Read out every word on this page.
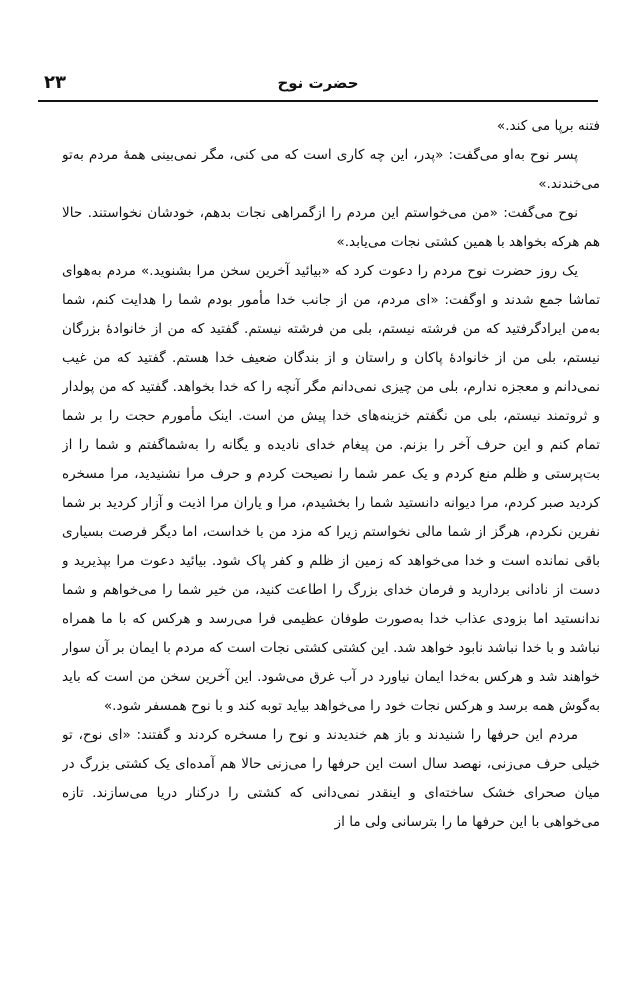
۲۳	حضرت نوح

فتنه برپا می کند.»

پسر نوح به‌او می‌گفت: «پدر، این چه کاری است که می کنی، مگر نمی‌بینی همهٔ مردم به‌تو می‌خندند.»

نوح می‌گفت: «من می‌خواستم این مردم را ازگمراهی نجات بدهم، خودشان نخواستند. حالا هم هرکه بخواهد با همین کشتی نجات می‌یابد.»

یک روز حضرت نوح مردم را دعوت کرد که «بیائید آخرین سخن مرا بشنوید.» مردم به‌هوای تماشا جمع شدند و اوگفت: «ای مردم، من از جانب خدا مأمور بودم شما را هدایت کنم، شما به‌من ایرادگرفتید که من فرشته نیستم، بلی من فرشته نیستم. گفتید که من از خانوادهٔ بزرگان نیستم، بلی من از خانوادهٔ پاکان و راستان و از بندگان ضعیف خدا هستم. گفتید که من غیب نمی‌دانم و معجزه ندارم، بلی من چیزی نمی‌دانم مگر آنچه را که خدا بخواهد. گفتید که من پولدار و ثروتمند نیستم، بلی من نگفتم خزینه‌های خدا پیش من است. اینک مأمورم حجت را بر شما تمام کنم و این حرف آخر را بزنم. من پیغام خدای نادیده و یگانه را به‌شماگفتم و شما را از بت‌پرستی و ظلم منع کردم و یک عمر شما را نصیحت کردم و حرف مرا نشنیدید، مرا مسخره کردید صبر کردم، مرا دیوانه دانستید شما را بخشیدم، مرا و یاران مرا اذیت و آزار کردید بر شما نفرین نکردم، هرگز از شما مالی نخواستم زیرا که مزد من با خداست، اما دیگر فرصت بسیاری باقی نمانده است و خدا می‌خواهد که زمین از ظلم و کفر پاک شود. بیائید دعوت مرا بپذیرید و دست از نادانی بردارید و فرمان خدای بزرگ را اطاعت کنید، من خیر شما را می‌خواهم و شما ندانستید اما بزودی عذاب خدا به‌صورت طوفان عظیمی فرا می‌رسد و هرکس که با ما همراه نباشد و با خدا نباشد نابود خواهد شد. این کشتی کشتی نجات است که مردم با ایمان بر آن سوار خواهند شد و هرکس به‌خدا ایمان نیاورد در آب غرق می‌شود. این آخرین سخن من است که باید به‌گوش همه برسد و هرکس نجات خود را می‌خواهد بیاید توبه کند و با نوح همسفر شود.»

مردم این حرفها را شنیدند و باز هم خندیدند و نوح را مسخره کردند و گفتند: «ای نوح، تو خیلی حرف می‌زنی، نهصد سال است این حرفها را می‌زنی حالا هم آمده‌ای یک کشتی بزرگ در میان صحرای خشک ساخته‌ای و اینقدر نمی‌دانی که کشتی را درکنار دریا می‌سازند. تازه می‌خواهی با این حرفها ما را بترسانی ولی ما از
